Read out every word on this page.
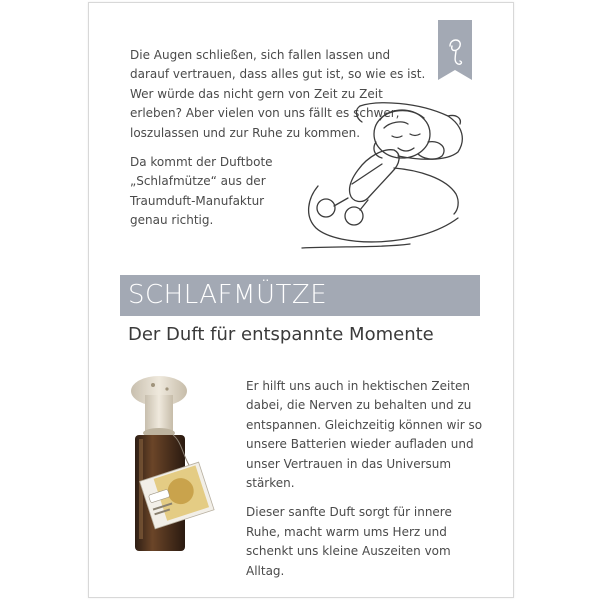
Die Augen schließen, sich fallen lassen und darauf vertrauen, dass alles gut ist, so wie es ist. Wer würde das nicht gern von Zeit zu Zeit erleben? Aber vielen von uns fällt es schwer, loszulassen und zur Ruhe zu kommen.

Da kommt der Duftbote „Schlafmütze“ aus der Traumduft-Manufaktur genau richtig.

SCHLAFMÜTZE
Der Duft für entspannte Momente

Er hilft uns auch in hektischen Zeiten dabei, die Nerven zu behalten und zu entspannen. Gleichzeitig können wir so unsere Batterien wieder aufladen und unser Vertrauen in das Universum stärken.

Dieser sanfte Duft sorgt für innere Ruhe, macht warm ums Herz und schenkt uns kleine Auszeiten vom Alltag.
